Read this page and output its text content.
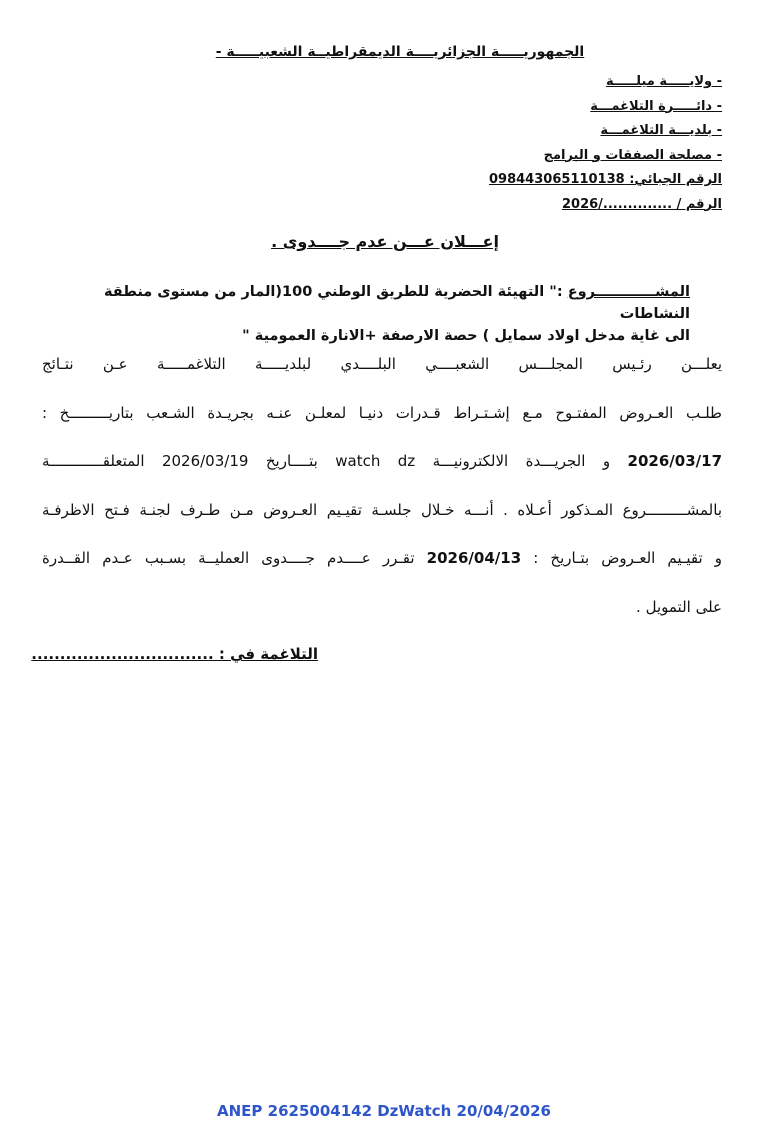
الجمهوريـــــة الجزائريــــة الديمقراطيــة الشعبيـــــة -
- ولايـــــة ميلـــــة
- دائـــــرة التلاغمـــة
- بلديـــة التلاغمـــة
- مصلحة الصفقات و البرامج
الرقم الجبائي: 098443065110138
الرقم / ............../2026
إعـــلان عـــن عدم جــــدوى .
المشــــــــــــروع :" التهيئة الحضرية للطريق الوطني 100(المار من مستوى منطقة النشاطات
الى غاية مدخل اولاد سمايل ) حصة الارصفة +الانارة العمومية "
يعلـــن رئـيس المجلـــس الشعبــــي البلــــدي لبلديـــــة التلاغمـــــة عـن نتـائج
طلـب العـروض المفتـوح مـع إشـتـراط قـدرات دنيـا لمعلـن عنـه بجريـدة الشـعب بتاريـــــــــخ :
2026/03/17 و الجريـــدة الالكترونيـــة watch dz بتــــاريخ 2026/03/19 المتعلقــــــــــــة
بالمشـــــــــروع المـذكور أعـلاه . أنـــه خـلال جلسـة تقيـيم العـروض مـن طـرف لجنـة فـتح الاظرفـة
و تقيـيم العـروض بتـاريخ : 2026/04/13 تقـرر عــــدم جــــدوى العمليــة بسـبب عـدم القــدرة
على التمويل .
التلاغمة في : ................................
ANEP 2625004142 DzWatch 20/04/2026
